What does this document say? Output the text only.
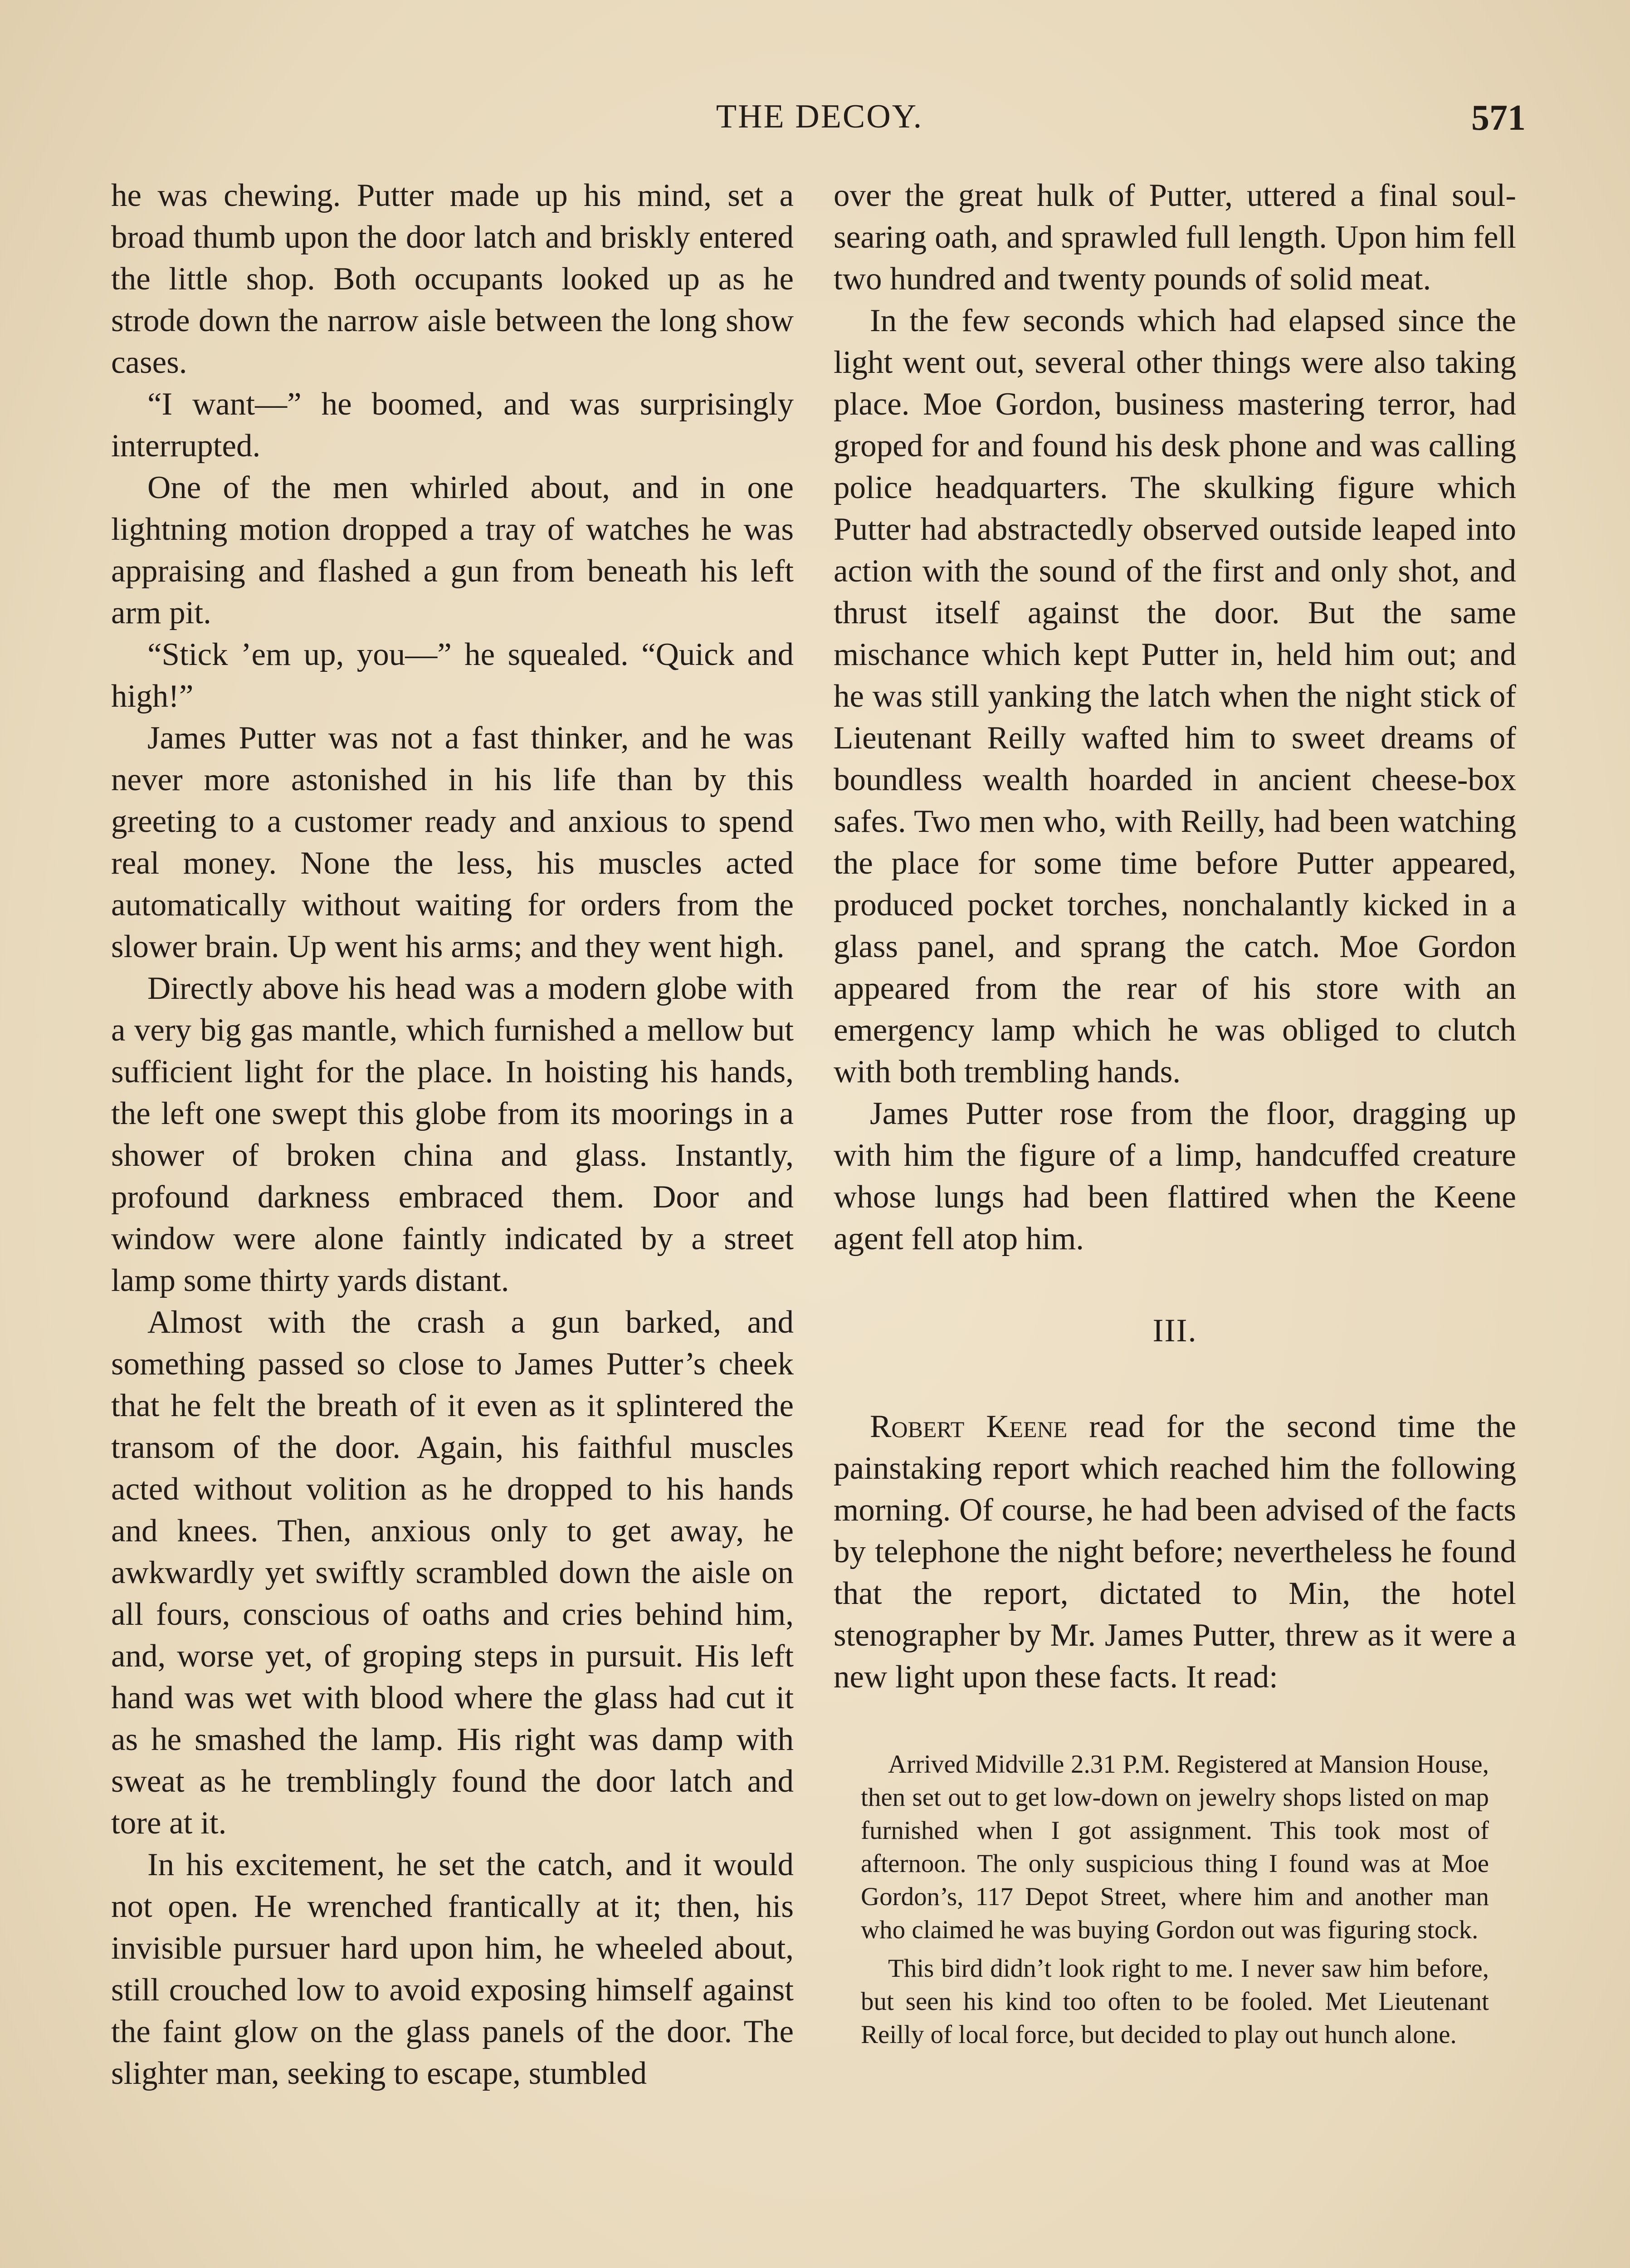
THE DECOY.	571

he was chewing. Putter made up his mind, set a broad thumb upon the door latch and briskly entered the little shop. Both occupants looked up as he strode down the narrow aisle between the long show cases.

“I want—” he boomed, and was surprisingly interrupted.

One of the men whirled about, and in one lightning motion dropped a tray of watches he was appraising and flashed a gun from beneath his left arm pit.

“Stick ’em up, you—” he squealed. “Quick and high!”

James Putter was not a fast thinker, and he was never more astonished in his life than by this greeting to a customer ready and anxious to spend real money. None the less, his muscles acted automatically without waiting for orders from the slower brain. Up went his arms; and they went high.

Directly above his head was a modern globe with a very big gas mantle, which furnished a mellow but sufficient light for the place. In hoisting his hands, the left one swept this globe from its moorings in a shower of broken china and glass. Instantly, profound darkness embraced them. Door and window were alone faintly indicated by a street lamp some thirty yards distant.

Almost with the crash a gun barked, and something passed so close to James Putter’s cheek that he felt the breath of it even as it splintered the transom of the door. Again, his faithful muscles acted without volition as he dropped to his hands and knees. Then, anxious only to get away, he awkwardly yet swiftly scrambled down the aisle on all fours, conscious of oaths and cries behind him, and, worse yet, of groping steps in pursuit. His left hand was wet with blood where the glass had cut it as he smashed the lamp. His right was damp with sweat as he tremblingly found the door latch and tore at it.

In his excitement, he set the catch, and it would not open. He wrenched frantically at it; then, his invisible pursuer hard upon him, he wheeled about, still crouched low to avoid exposing himself against the faint glow on the glass panels of the door. The slighter man, seeking to escape, stumbled

over the great hulk of Putter, uttered a final soul-searing oath, and sprawled full length. Upon him fell two hundred and twenty pounds of solid meat.

In the few seconds which had elapsed since the light went out, several other things were also taking place. Moe Gordon, business mastering terror, had groped for and found his desk phone and was calling police headquarters. The skulking figure which Putter had abstractedly observed outside leaped into action with the sound of the first and only shot, and thrust itself against the door. But the same mischance which kept Putter in, held him out; and he was still yanking the latch when the night stick of Lieutenant Reilly wafted him to sweet dreams of boundless wealth hoarded in ancient cheese-box safes. Two men who, with Reilly, had been watching the place for some time before Putter appeared, produced pocket torches, nonchalantly kicked in a glass panel, and sprang the catch. Moe Gordon appeared from the rear of his store with an emergency lamp which he was obliged to clutch with both trembling hands.

James Putter rose from the floor, dragging up with him the figure of a limp, handcuffed creature whose lungs had been flattired when the Keene agent fell atop him.

III.

Robert Keene read for the second time the painstaking report which reached him the following morning. Of course, he had been advised of the facts by telephone the night before; nevertheless he found that the report, dictated to Min, the hotel stenographer by Mr. James Putter, threw as it were a new light upon these facts. It read:

Arrived Midville 2.31 P.M. Registered at Mansion House, then set out to get low-down on jewelry shops listed on map furnished when I got assignment. This took most of afternoon. The only suspicious thing I found was at Moe Gordon’s, 117 Depot Street, where him and another man who claimed he was buying Gordon out was figuring stock.

This bird didn’t look right to me. I never saw him before, but seen his kind too often to be fooled. Met Lieutenant Reilly of local force, but decided to play out hunch alone.
